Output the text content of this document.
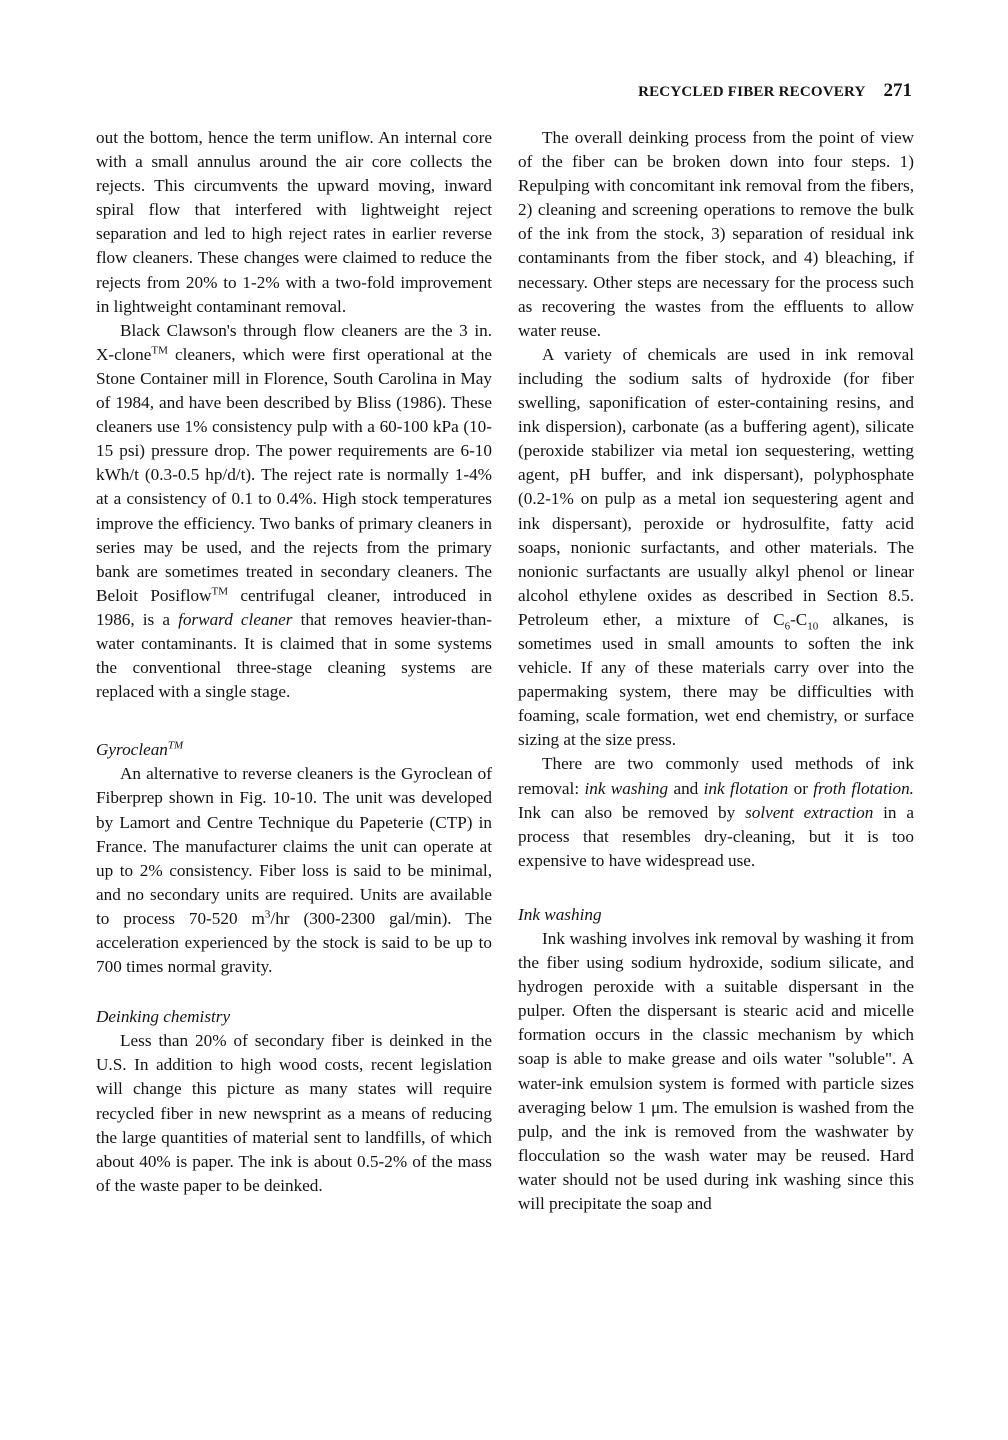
RECYCLED FIBER RECOVERY 271

out the bottom, hence the term uniflow. An internal core with a small annulus around the air core collects the rejects. This circumvents the upward moving, inward spiral flow that interfered with lightweight reject separation and led to high reject rates in earlier reverse flow cleaners. These changes were claimed to reduce the rejects from 20% to 1-2% with a two-fold improvement in lightweight contaminant removal.

Black Clawson's through flow cleaners are the 3 in. X-clone™ cleaners, which were first operational at the Stone Container mill in Florence, South Carolina in May of 1984, and have been described by Bliss (1986). These cleaners use 1% consistency pulp with a 60-100 kPa (10-15 psi) pressure drop. The power requirements are 6-10 kWh/t (0.3-0.5 hp/d/t). The reject rate is normally 1-4% at a consistency of 0.1 to 0.4%. High stock temperatures improve the efficiency. Two banks of primary cleaners in series may be used, and the rejects from the primary bank are sometimes treated in secondary cleaners. The Beloit Posiflow™ centrifugal cleaner, introduced in 1986, is a forward cleaner that removes heavier-than-water contaminants. It is claimed that in some systems the conventional three-stage cleaning systems are replaced with a single stage.

Gyroclean™

An alternative to reverse cleaners is the Gyroclean of Fiberprep shown in Fig. 10-10. The unit was developed by Lamort and Centre Technique du Papeterie (CTP) in France. The manufacturer claims the unit can operate at up to 2% consistency. Fiber loss is said to be minimal, and no secondary units are required. Units are available to process 70-520 $m^3/hr$ (300-2300 gal/min). The acceleration experienced by the stock is said to be up to 700 times normal gravity.

Deinking chemistry

Less than 20% of secondary fiber is deinked in the U.S. In addition to high wood costs, recent legislation will change this picture as many states will require recycled fiber in new newsprint as a means of reducing the large quantities of material sent to landfills, of which about 40% is paper. The ink is about 0.5-2% of the mass of the waste paper to be deinked.

The overall deinking process from the point of view of the fiber can be broken down into four steps. 1) Repulping with concomitant ink removal from the fibers, 2) cleaning and screening operations to remove the bulk of the ink from the stock, 3) separation of residual ink contaminants from the fiber stock, and 4) bleaching, if necessary. Other steps are necessary for the process such as recovering the wastes from the effluents to allow water reuse.

A variety of chemicals are used in ink removal including the sodium salts of hydroxide (for fiber swelling, saponification of ester-containing resins, and ink dispersion), carbonate (as a buffering agent), silicate (peroxide stabilizer via metal ion sequestering, wetting agent, pH buffer, and ink dispersant), polyphosphate (0.2-1% on pulp as a metal ion sequestering agent and ink dispersant), peroxide or hydrosulfite, fatty acid soaps, nonionic surfactants, and other materials. The nonionic surfactants are usually alkyl phenol or linear alcohol ethylene oxides as described in Section 8.5. Petroleum ether, a mixture of $C_6-C_{10}$ alkanes, is sometimes used in small amounts to soften the ink vehicle. If any of these materials carry over into the papermaking system, there may be difficulties with foaming, scale formation, wet end chemistry, or surface sizing at the size press.

There are two commonly used methods of ink removal: ink washing and ink flotation or froth flotation. Ink can also be removed by solvent extraction in a process that resembles dry-cleaning, but it is too expensive to have widespread use.

Ink washing

Ink washing involves ink removal by washing it from the fiber using sodium hydroxide, sodium silicate, and hydrogen peroxide with a suitable dispersant in the pulper. Often the dispersant is stearic acid and micelle formation occurs in the classic mechanism by which soap is able to make grease and oils water "soluble". A water-ink emulsion system is formed with particle sizes averaging below 1 μm. The emulsion is washed from the pulp, and the ink is removed from the washwater by flocculation so the wash water may be reused. Hard water should not be used during ink washing since this will precipitate the soap and
